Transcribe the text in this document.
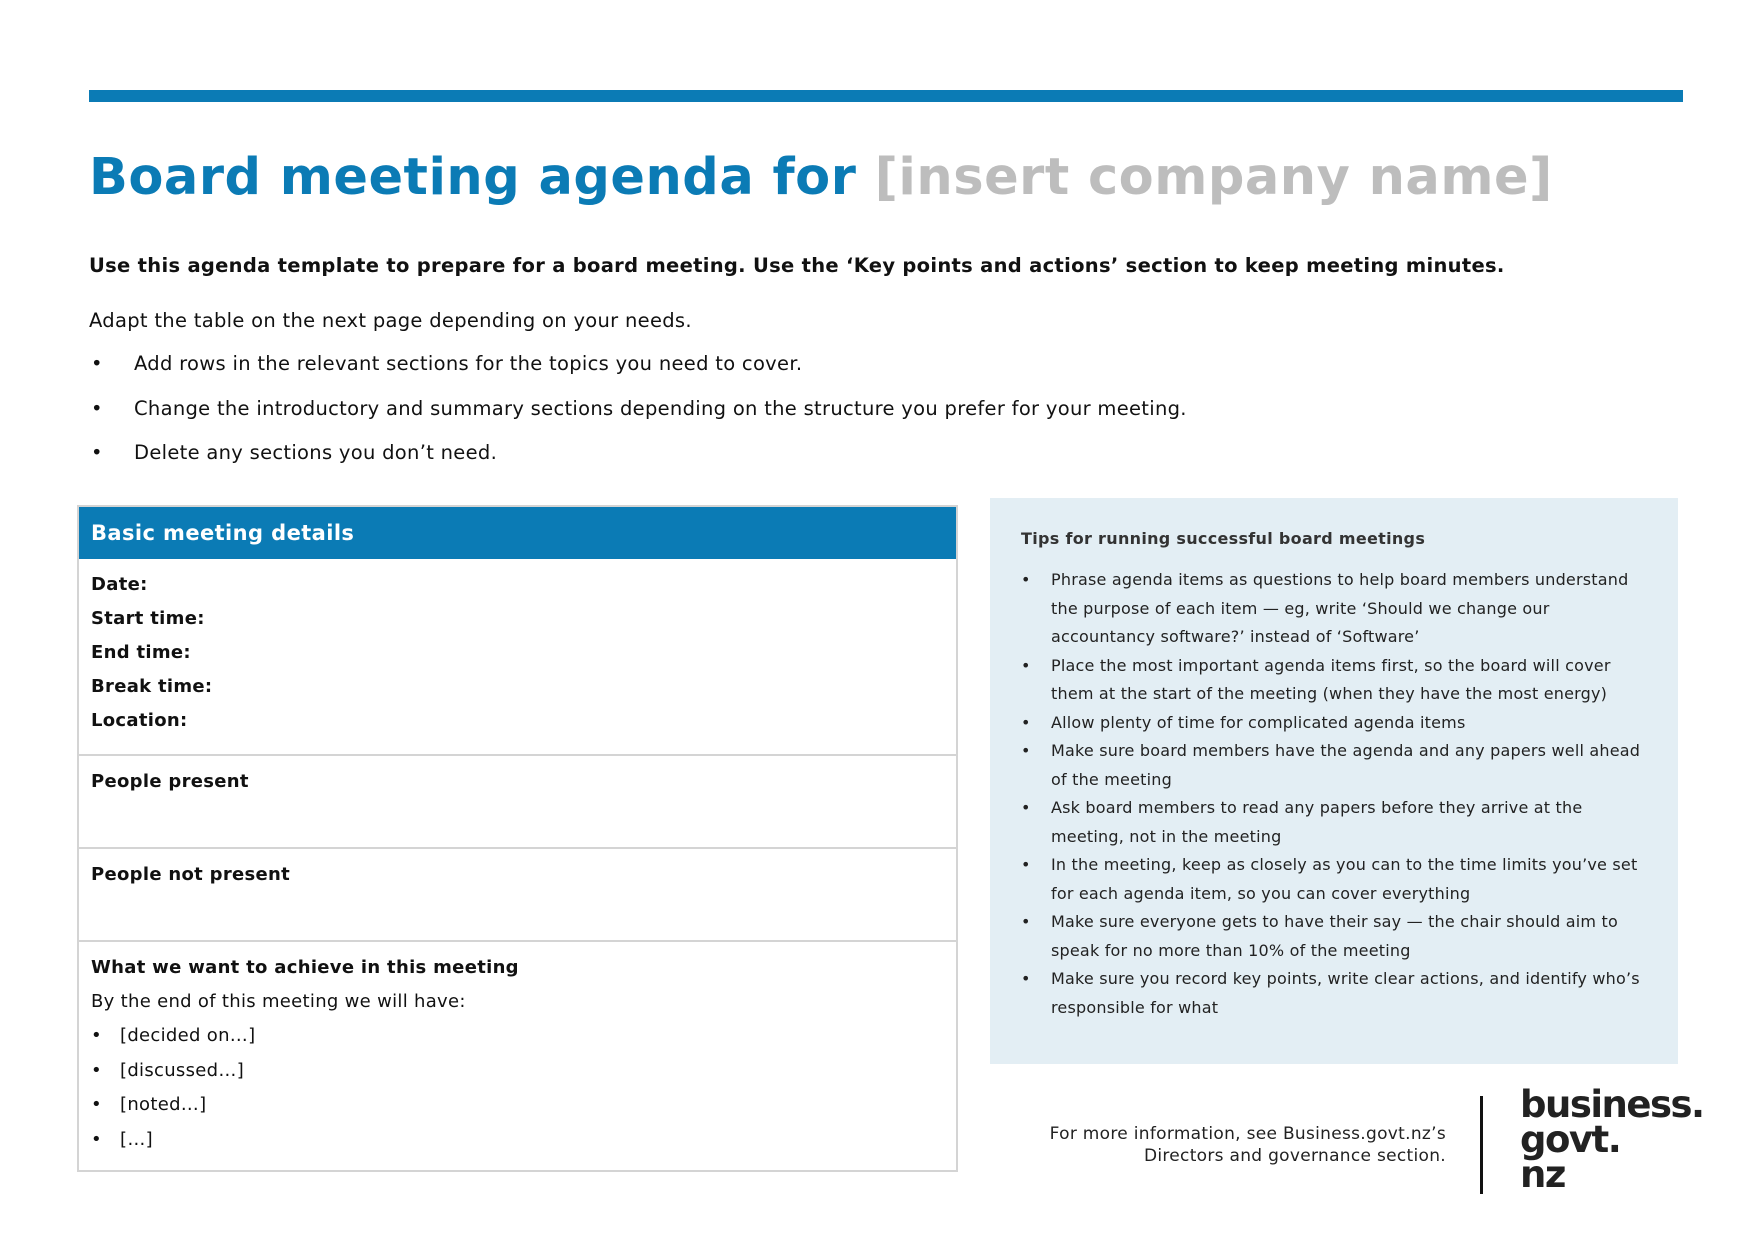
Board meeting agenda for [insert company name]

Use this agenda template to prepare for a board meeting. Use the ‘Key points and actions’ section to keep meeting minutes.

Adapt the table on the next page depending on your needs.

• Add rows in the relevant sections for the topics you need to cover.
• Change the introductory and summary sections depending on the structure you prefer for your meeting.
• Delete any sections you don’t need.
Basic meeting details
Date:
Start time:
End time:
Break time:
Location:
People present
People not present
What we want to achieve in this meeting
By the end of this meeting we will have:
• [decided on…]
• [discussed…]
• [noted…]
• […]
Tips for running successful board meetings
• Phrase agenda items as questions to help board members understand the purpose of each item — eg, write ‘Should we change our accountancy software?’ instead of ‘Software’
• Place the most important agenda items first, so the board will cover them at the start of the meeting (when they have the most energy)
• Allow plenty of time for complicated agenda items
• Make sure board members have the agenda and any papers well ahead of the meeting
• Ask board members to read any papers before they arrive at the meeting, not in the meeting
• In the meeting, keep as closely as you can to the time limits you’ve set for each agenda item, so you can cover everything
• Make sure everyone gets to have their say — the chair should aim to speak for no more than 10% of the meeting
• Make sure you record key points, write clear actions, and identify who’s responsible for what
For more information, see Business.govt.nz’s
Directors and governance section.
business.
govt.
nz
